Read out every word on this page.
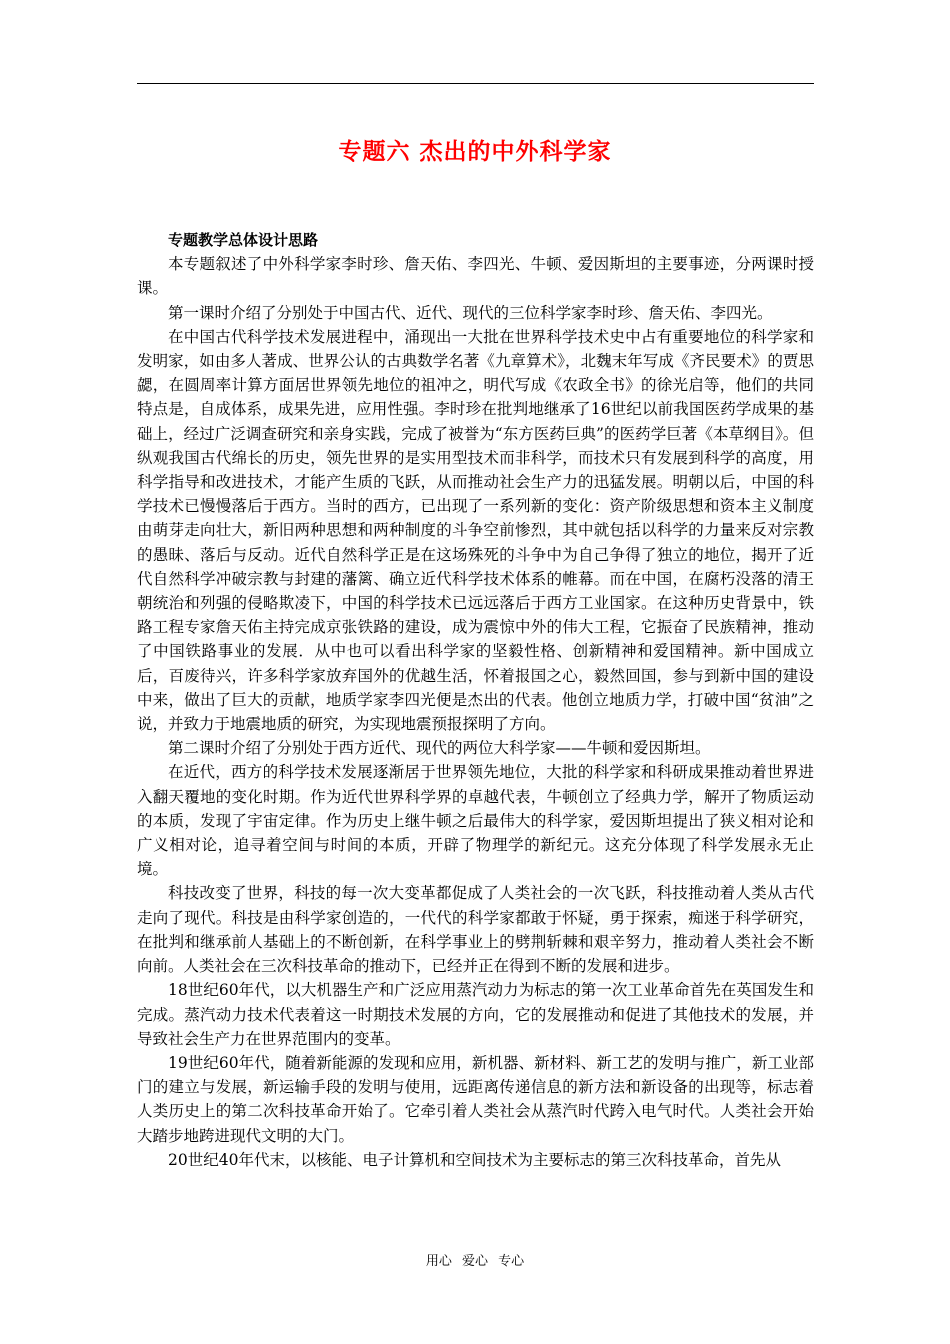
专题六 杰出的中外科学家

专题教学总体设计思路

本专题叙述了中外科学家李时珍、詹天佑、李四光、牛顿、爱因斯坦的主要事迹，分两课时授课。

第一课时介绍了分别处于中国古代、近代、现代的三位科学家李时珍、詹天佑、李四光。

在中国古代科学技术发展进程中，涌现出一大批在世界科学技术史中占有重要地位的科学家和发明家，如由多人著成、世界公认的古典数学名著《九章算术》，北魏末年写成《齐民要术》的贾思勰，在圆周率计算方面居世界领先地位的祖冲之，明代写成《农政全书》的徐光启等，他们的共同特点是，自成体系，成果先进，应用性强。李时珍在批判地继承了16世纪以前我国医药学成果的基础上，经过广泛调查研究和亲身实践，完成了被誉为“东方医药巨典”的医药学巨著《本草纲目》。但纵观我国古代绵长的历史，领先世界的是实用型技术而非科学，而技术只有发展到科学的高度，用科学指导和改进技术，才能产生质的飞跃，从而推动社会生产力的迅猛发展。明朝以后，中国的科学技术已慢慢落后于西方。当时的西方，已出现了一系列新的变化：资产阶级思想和资本主义制度由萌芽走向壮大，新旧两种思想和两种制度的斗争空前惨烈，其中就包括以科学的力量来反对宗教的愚昧、落后与反动。近代自然科学正是在这场殊死的斗争中为自己争得了独立的地位，揭开了近代自然科学冲破宗教与封建的藩篱、确立近代科学技术体系的帷幕。而在中国，在腐朽没落的清王朝统治和列强的侵略欺凌下，中国的科学技术已远远落后于西方工业国家。在这种历史背景中，铁路工程专家詹天佑主持完成京张铁路的建设，成为震惊中外的伟大工程，它振奋了民族精神，推动了中国铁路事业的发展．从中也可以看出科学家的坚毅性格、创新精神和爱国精神。新中国成立后，百废待兴，许多科学家放弃国外的优越生活，怀着报国之心，毅然回国，参与到新中国的建设中来，做出了巨大的贡献，地质学家李四光便是杰出的代表。他创立地质力学，打破中国“贫油”之说，并致力于地震地质的研究，为实现地震预报探明了方向。

第二课时介绍了分别处于西方近代、现代的两位大科学家——牛顿和爱因斯坦。

在近代，西方的科学技术发展逐渐居于世界领先地位，大批的科学家和科研成果推动着世界进入翻天覆地的变化时期。作为近代世界科学界的卓越代表，牛顿创立了经典力学，解开了物质运动的本质，发现了宇宙定律。作为历史上继牛顿之后最伟大的科学家，爱因斯坦提出了狭义相对论和广义相对论，追寻着空间与时间的本质，开辟了物理学的新纪元。这充分体现了科学发展永无止境。

科技改变了世界，科技的每一次大变革都促成了人类社会的一次飞跃，科技推动着人类从古代走向了现代。科技是由科学家创造的，一代代的科学家都敢于怀疑，勇于探索，痴迷于科学研究，在批判和继承前人基础上的不断创新，在科学事业上的劈荆斩棘和艰辛努力，推动着人类社会不断向前。人类社会在三次科技革命的推动下，已经并正在得到不断的发展和进步。

18世纪60年代，以大机器生产和广泛应用蒸汽动力为标志的第一次工业革命首先在英国发生和完成。蒸汽动力技术代表着这一时期技术发展的方向，它的发展推动和促进了其他技术的发展，并导致社会生产力在世界范围内的变革。

19世纪60年代，随着新能源的发现和应用，新机器、新材料、新工艺的发明与推广，新工业部门的建立与发展，新运输手段的发明与使用，远距离传递信息的新方法和新设备的出现等，标志着人类历史上的第二次科技革命开始了。它牵引着人类社会从蒸汽时代跨入电气时代。人类社会开始大踏步地跨进现代文明的大门。

20世纪40年代末，以核能、电子计算机和空间技术为主要标志的第三次科技革命，首先从

用心 爱心 专心
